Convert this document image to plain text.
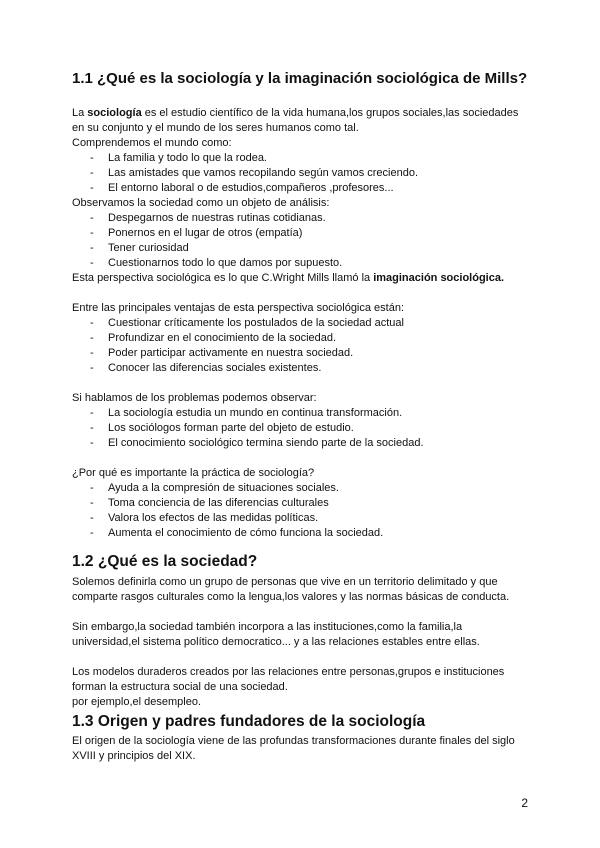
1.1 ¿Qué es la sociología y la imaginación sociológica de Mills?

La sociología es el estudio científico de la vida humana,los grupos sociales,las sociedades en su conjunto y el mundo de los seres humanos como tal.

Comprendemos el mundo como:

- La familia y todo lo que la rodea.
- Las amistades que vamos recopilando según vamos creciendo.
- El entorno laboral o de estudios,compañeros ,profesores...

Observamos la sociedad como un objeto de análisis:

- Despegarnos de nuestras rutinas cotidianas.
- Ponernos en el lugar de otros (empatía)
- Tener curiosidad
- Cuestionarnos todo lo que damos por supuesto.

Esta perspectiva sociológica es lo que C.Wright Mills llamó la imaginación sociológica.

Entre las principales ventajas de esta perspectiva sociológica están:

- Cuestionar críticamente los postulados de la sociedad actual
- Profundizar en el conocimiento de la sociedad.
- Poder participar activamente en nuestra sociedad.
- Conocer las diferencias sociales existentes.

Si hablamos de los problemas podemos observar:

- La sociología estudia un mundo en continua transformación.
- Los sociólogos forman parte del objeto de estudio.
- El conocimiento sociológico termina siendo parte de la sociedad.

¿Por qué es importante la práctica de sociología?

- Ayuda a la compresión de situaciones sociales.
- Toma conciencia de las diferencias culturales
- Valora los efectos de las medidas políticas.
- Aumenta el conocimiento de cómo funciona la sociedad.
1.2 ¿Qué es la sociedad?

Solemos definirla como un grupo de personas que vive en un territorio delimitado y que comparte rasgos culturales como la lengua,los valores y las normas básicas de conducta.

Sin embargo,la sociedad también incorpora a las instituciones,como la familia,la universidad,el sistema político democratico... y a las relaciones estables entre ellas.

Los modelos duraderos creados por las relaciones entre personas,grupos e instituciones forman la estructura social de una sociedad.

por ejemplo,el desempleo.

1.3 Origen y padres fundadores de la sociología

El origen de la sociología viene de las profundas transformaciones durante finales del siglo XVIII y principios del XIX.

2
